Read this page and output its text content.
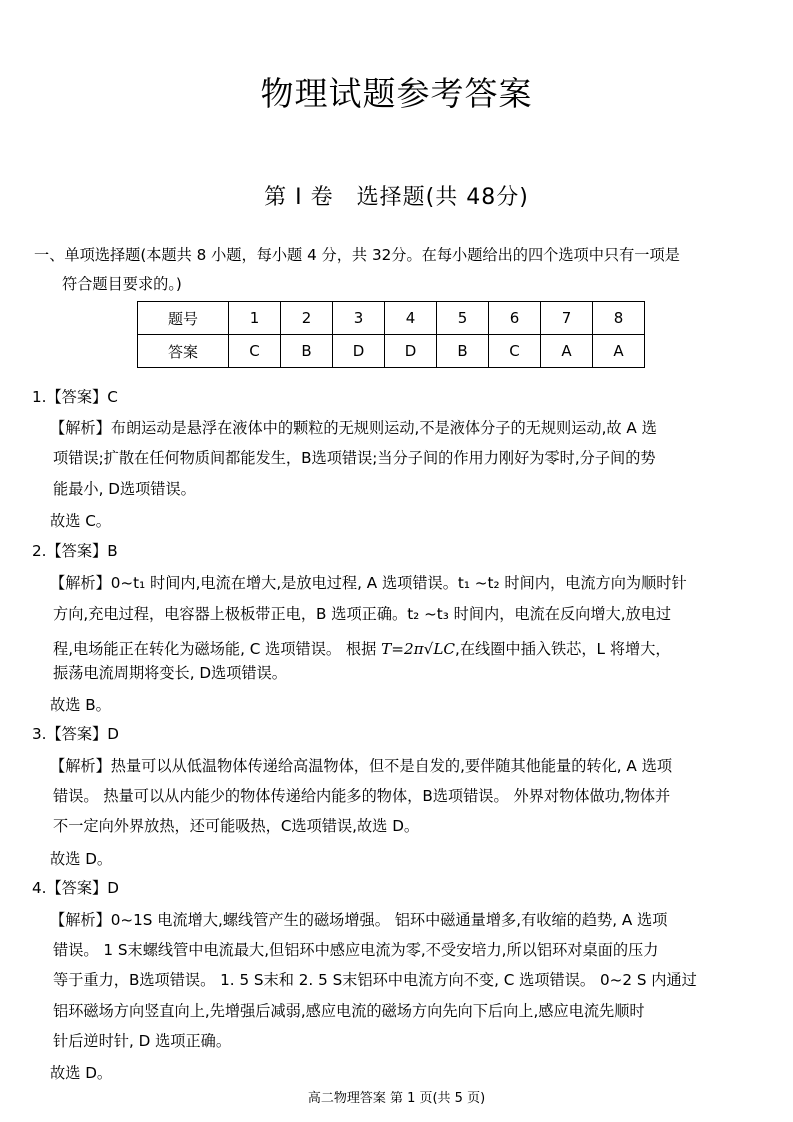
物理试题参考答案
第 I 卷　选择题(共 48分)
一、单项选择题(本题共 8 小题，每小题 4 分，共 32分。在每小题给出的四个选项中只有一项是
符合题目要求的。)
题号	1	2	3	4	5	6	7	8
答案	C	B	D	D	B	C	A	A
1.【答案】C
【解析】布朗运动是悬浮在液体中的颗粒的无规则运动,不是液体分子的无规则运动,故 A 选
项错误;扩散在任何物质间都能发生，B选项错误;当分子间的作用力刚好为零时,分子间的势
能最小, D选项错误。
故选 C。
2.【答案】B
【解析】0~t₁ 时间内,电流在增大,是放电过程, A 选项错误。t₁ ~t₂ 时间内，电流方向为顺时针
方向,充电过程，电容器上极板带正电，B 选项正确。t₂ ~t₃ 时间内，电流在反向增大,放电过
程,电场能正在转化为磁场能, C 选项错误。 根据 T=2π√LC,在线圈中插入铁芯，L 将增大，
振荡电流周期将变长, D选项错误。
故选 B。
3.【答案】D
【解析】热量可以从低温物体传递给高温物体，但不是自发的,要伴随其他能量的转化, A 选项
错误。 热量可以从内能少的物体传递给内能多的物体，B选项错误。 外界对物体做功,物体并
不一定向外界放热，还可能吸热，C选项错误,故选 D。
故选 D。
4.【答案】D
【解析】0~1S 电流增大,螺线管产生的磁场增强。 铝环中磁通量增多,有收缩的趋势, A 选项
错误。 1 S末螺线管中电流最大,但铝环中感应电流为零,不受安培力,所以铝环对桌面的压力
等于重力，B选项错误。 1. 5 S末和 2. 5 S末铝环中电流方向不变, C 选项错误。 0~2 S 内通过
铝环磁场方向竖直向上,先增强后减弱,感应电流的磁场方向先向下后向上,感应电流先顺时
针后逆时针, D 选项正确。
故选 D。
高二物理答案 第 1 页(共 5 页)
